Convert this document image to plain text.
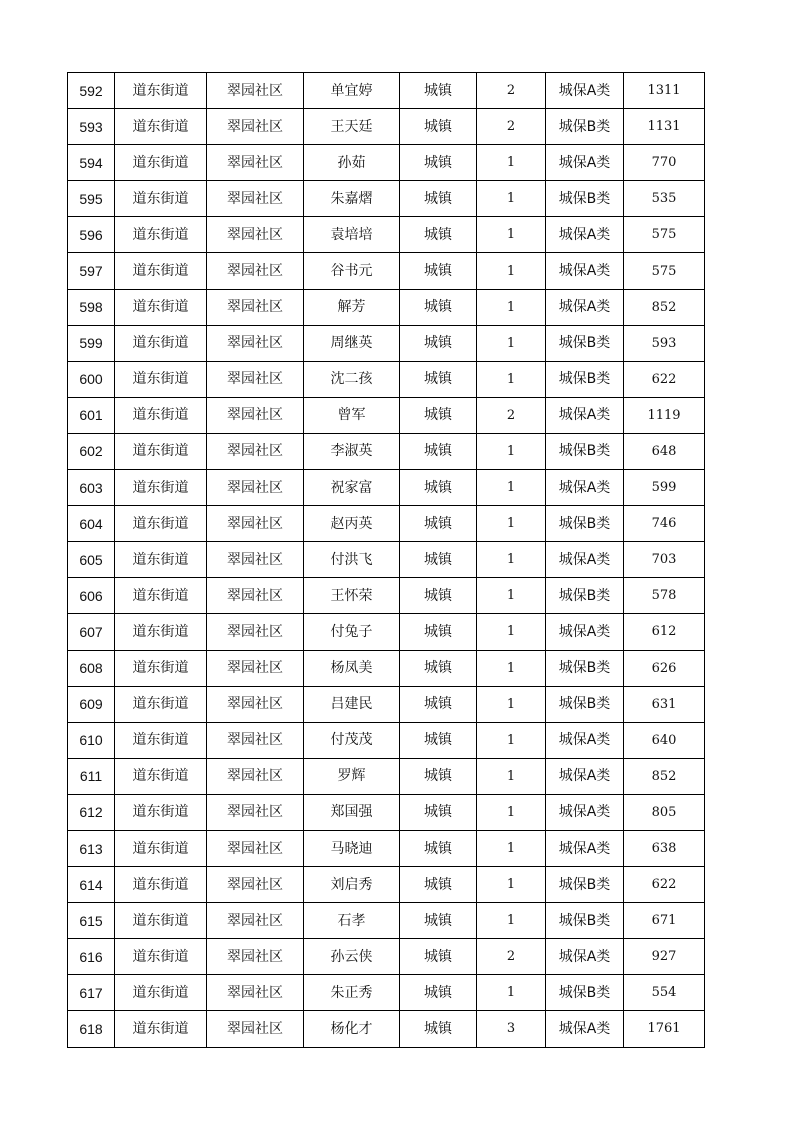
592	道东街道	翠园社区	单宜婷	城镇	2	城保A类	1311
593	道东街道	翠园社区	王天廷	城镇	2	城保B类	1131
594	道东街道	翠园社区	孙茹	城镇	1	城保A类	770
595	道东街道	翠园社区	朱嘉熠	城镇	1	城保B类	535
596	道东街道	翠园社区	袁培培	城镇	1	城保A类	575
597	道东街道	翠园社区	谷书元	城镇	1	城保A类	575
598	道东街道	翠园社区	解芳	城镇	1	城保A类	852
599	道东街道	翠园社区	周继英	城镇	1	城保B类	593
600	道东街道	翠园社区	沈二孩	城镇	1	城保B类	622
601	道东街道	翠园社区	曾军	城镇	2	城保A类	1119
602	道东街道	翠园社区	李淑英	城镇	1	城保B类	648
603	道东街道	翠园社区	祝家富	城镇	1	城保A类	599
604	道东街道	翠园社区	赵丙英	城镇	1	城保B类	746
605	道东街道	翠园社区	付洪飞	城镇	1	城保A类	703
606	道东街道	翠园社区	王怀荣	城镇	1	城保B类	578
607	道东街道	翠园社区	付兔子	城镇	1	城保A类	612
608	道东街道	翠园社区	杨凤美	城镇	1	城保B类	626
609	道东街道	翠园社区	吕建民	城镇	1	城保B类	631
610	道东街道	翠园社区	付茂茂	城镇	1	城保A类	640
611	道东街道	翠园社区	罗辉	城镇	1	城保A类	852
612	道东街道	翠园社区	郑国强	城镇	1	城保A类	805
613	道东街道	翠园社区	马晓迪	城镇	1	城保A类	638
614	道东街道	翠园社区	刘启秀	城镇	1	城保B类	622
615	道东街道	翠园社区	石孝	城镇	1	城保B类	671
616	道东街道	翠园社区	孙云侠	城镇	2	城保A类	927
617	道东街道	翠园社区	朱正秀	城镇	1	城保B类	554
618	道东街道	翠园社区	杨化才	城镇	3	城保A类	1761
